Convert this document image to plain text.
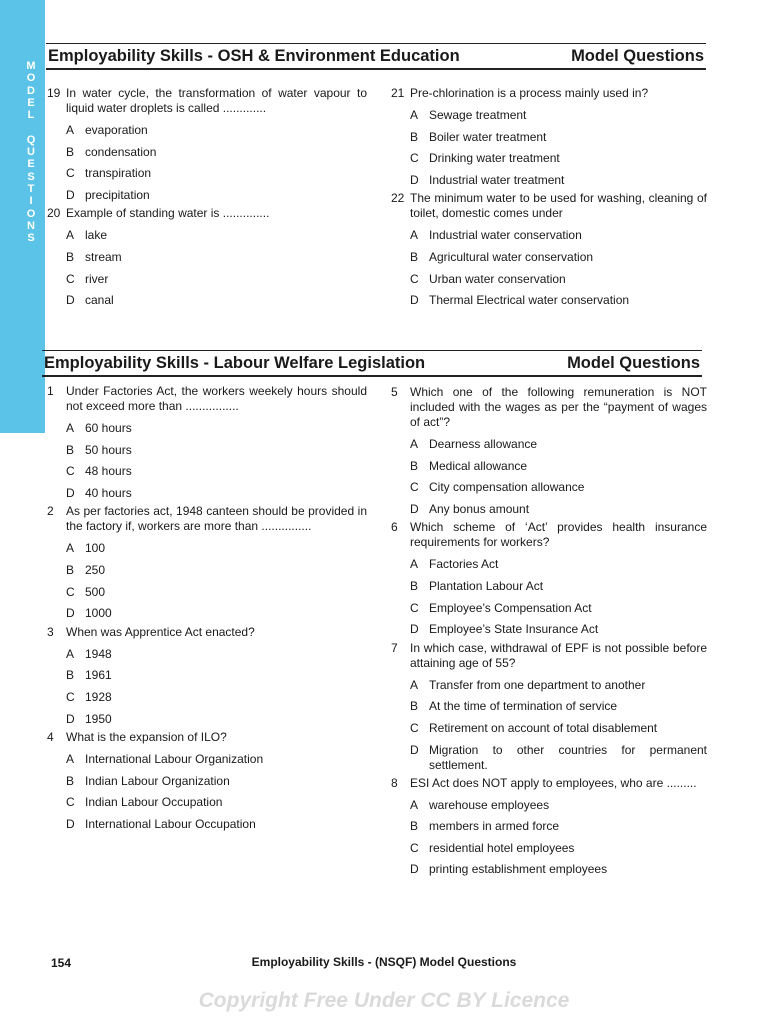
M
O
D
E
L
Q
U
E
S
T
I
O
N
S
Employability Skills - OSH & Environment Education	Model Questions
19 In water cycle, the transformation of water vapour to liquid water droplets is called .............
A evaporation
B condensation
C transpiration
D precipitation
20 Example of standing water is ..............
A lake
B stream
C river
D canal
21 Pre-chlorination is a process mainly used in?
A Sewage treatment
B Boiler water treatment
C Drinking water treatment
D Industrial water treatment
22 The minimum water to be used for washing, cleaning of toilet, domestic comes under
A Industrial water conservation
B Agricultural water conservation
C Urban water conservation
D Thermal Electrical water conservation
Employability Skills - Labour Welfare Legislation	Model Questions
1 Under Factories Act, the workers weekely hours should not exceed more than ................
A 60 hours
B 50 hours
C 48 hours
D 40 hours
2 As per factories act, 1948 canteen should be provided in the factory if, workers are more than ...............
A 100
B 250
C 500
D 1000
3 When was Apprentice Act enacted?
A 1948
B 1961
C 1928
D 1950
4 What is the expansion of ILO?
A International Labour Organization
B Indian Labour Organization
C Indian Labour Occupation
D International Labour Occupation
5 Which one of the following remuneration is NOT included with the wages as per the “payment of wages of act”?
A Dearness allowance
B Medical allowance
C City compensation allowance
D Any bonus amount
6 Which scheme of ‘Act’ provides health insurance requirements for workers?
A Factories Act
B Plantation Labour Act
C Employee’s Compensation Act
D Employee’s State Insurance Act
7 In which case, withdrawal of EPF is not possible before attaining age of 55?
A Transfer from one department to another
B At the time of termination of service
C Retirement on account of total disablement
D Migration to other countries for permanent settlement.
8 ESI Act does NOT apply to employees, who are .........
A warehouse employees
B members in armed force
C residential hotel employees
D printing establishment employees
154	Employability Skills - (NSQF) Model Questions
Copyright Free Under CC BY Licence
